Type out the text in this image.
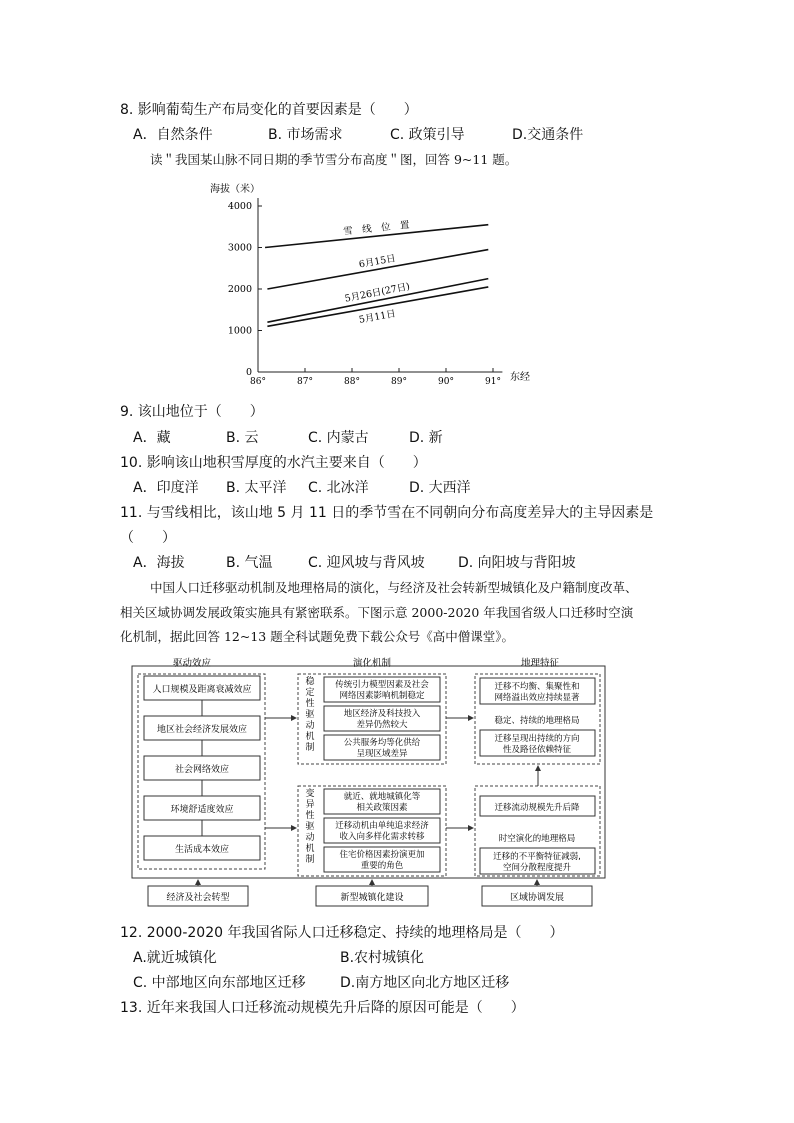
8. 影响葡萄生产布局变化的首要因素是（　　）
A．自然条件	B. 市场需求	C. 政策引导	D.交通条件
读＂我国某山脉不同日期的季节雪分布高度＂图，回答 9~11 题。
海拔（米）
东经
0
1000
2000
3000
4000
86°	87°	88°	89°	90°	91°
雪　线　位　置
6月15日
5月26日(27日)
5月11日
9. 该山地位于（　　）
A．藏	B. 云	C. 内蒙古	D. 新
10. 影响该山地积雪厚度的水汽主要来自（　　）
A．印度洋 B. 太平洋 C. 北冰洋	D. 大西洋
11. 与雪线相比，该山地 5 月 11 日的季节雪在不同朝向分布高度差异大的主导因素是
（　　）
A．海拔	B. 气温	C. 迎风坡与背风坡 D. 向阳坡与背阳坡
中国人口迁移驱动机制及地理格局的演化，与经济及社会转新型城镇化及户籍制度改革、
相关区域协调发展政策实施具有紧密联系。下图示意 2000-2020 年我国省级人口迁移时空演
化机制，据此回答 12~13 题全科试题免费下载公众号《高中僧课堂》。
驱动效应	演化机制	地理特征
人口规模及距离衰减效应
地区社会经济发展效应
社会网络效应
环境舒适度效应
生活成本效应
稳定性驱动机制
传统引力模型因素及社会
网络因素影响机制稳定
地区经济及科技投入
差异仍然较大
公共服务均等化供给
呈现区域差异
变异性驱动机制
就近、就地城镇化等
相关政策因素
迁移动机由单纯追求经济
收入向多样化需求转移
住宅价格因素扮演更加
重要的角色
迁移不均衡、集聚性和
网络溢出效应持续显著
稳定、持续的地理格局
迁移呈现出持续的方向
性及路径依赖特征
迁移流动规模先升后降
时空演化的地理格局
迁移的不平衡特征减弱,
空间分散程度提升
经济及社会转型	新型城镇化建设	区域协调发展
12. 2000-2020 年我国省际人口迁移稳定、持续的地理格局是（　　）
A.就近城镇化	B.农村城镇化
C. 中部地区向东部地区迁移 D.南方地区向北方地区迁移
13. 近年来我国人口迁移流动规模先升后降的原因可能是（　　）
